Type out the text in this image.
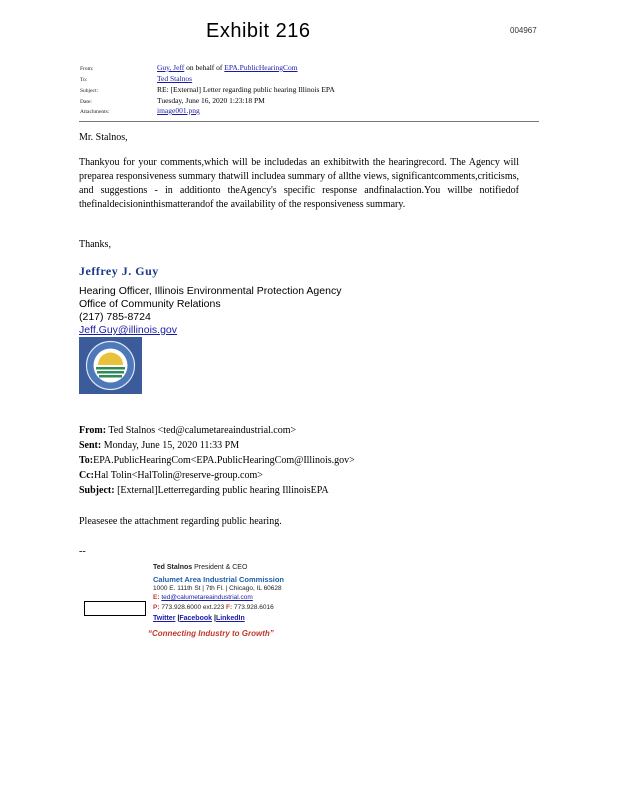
Exhibit 216	004967
From:	Guy, Jeff on behalf of EPA.PublicHearingCom
To:	Ted Stalnos
Subject:	RE: [External] Letter regarding public hearing Illinois EPA
Date:	Tuesday, June 16, 2020 1:23:18 PM
Attachments:	image001.png
Mr. Stalnos,
Thankyou for your comments,which will be includedas an exhibitwith the hearingrecord. The Agency will preparea responsiveness summary thatwill includea summary of allthe views, significantcomments,criticisms, and suggestions - in additionto theAgency's specific response andfinalaction.You willbe notifiedof thefinaldecisioninthismatterandof the availability of the responsiveness summary.
Thanks,
Jeffrey J. Guy
Hearing Officer, Illinois Environmental Protection Agency
Office of Community Relations
(217) 785-8724
Jeff.Guy@illinois.gov
From: Ted Stalnos <ted@calumetareaindustrial.com>
Sent: Monday, June 15, 2020 11:33 PM
To:EPA.PublicHearingCom<EPA.PublicHearingCom@Illinois.gov>
Cc:Hal Tolin<HalTolin@reserve-group.com>
Subject: [External]Letterregarding public hearing IllinoisEPA
Pleasesee the attachment regarding public hearing.
--
Ted Stalnos President & CEO
Calumet Area Industrial Commission
1000 E. 111th St | 7th Fl. | Chicago, IL 60628
E: ted@calumetareaindustrial.com
P: 773.928.6000 ext.223 F: 773.928.6016
Twitter |Facebook |LinkedIn
“Connecting Industry to Growth”
